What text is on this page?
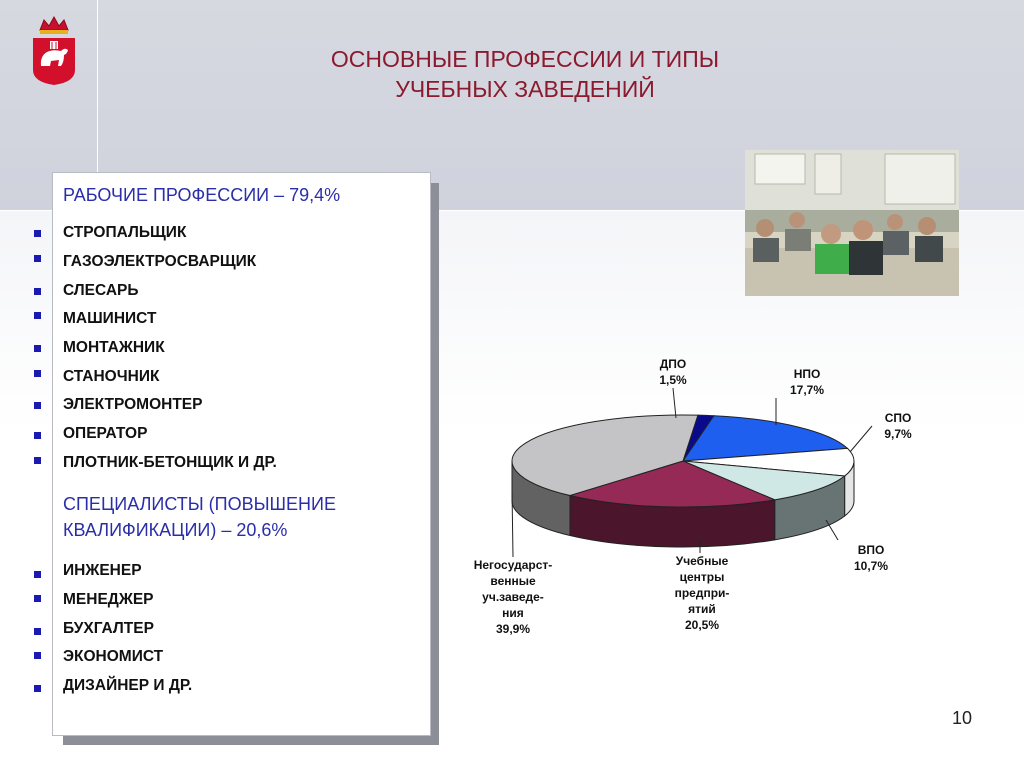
ОСНОВНЫЕ ПРОФЕССИИ И ТИПЫ
УЧЕБНЫХ ЗАВЕДЕНИЙ
РАБОЧИЕ ПРОФЕССИИ – 79,4%
СТРОПАЛЬЩИК
ГАЗОЭЛЕКТРОСВАРЩИК
СЛЕСАРЬ
МАШИНИСТ
МОНТАЖНИК
СТАНОЧНИК
ЭЛЕКТРОМОНТЕР
ОПЕРАТОР
ПЛОТНИК-БЕТОНЩИК И ДР.
СПЕЦИАЛИСТЫ (ПОВЫШЕНИЕ
КВАЛИФИКАЦИИ) – 20,6%
ИНЖЕНЕР
МЕНЕДЖЕР
БУХГАЛТЕР
ЭКОНОМИСТ
ДИЗАЙНЕР И ДР.
ДПО
1,5%	НПО
17,7%
СПО
9,7%
ВПО
10,7%
Учебные
центры
предпри-
ятий
20,5%
Негосударст-
венные
уч.заведе-
ния
39,9%
10
